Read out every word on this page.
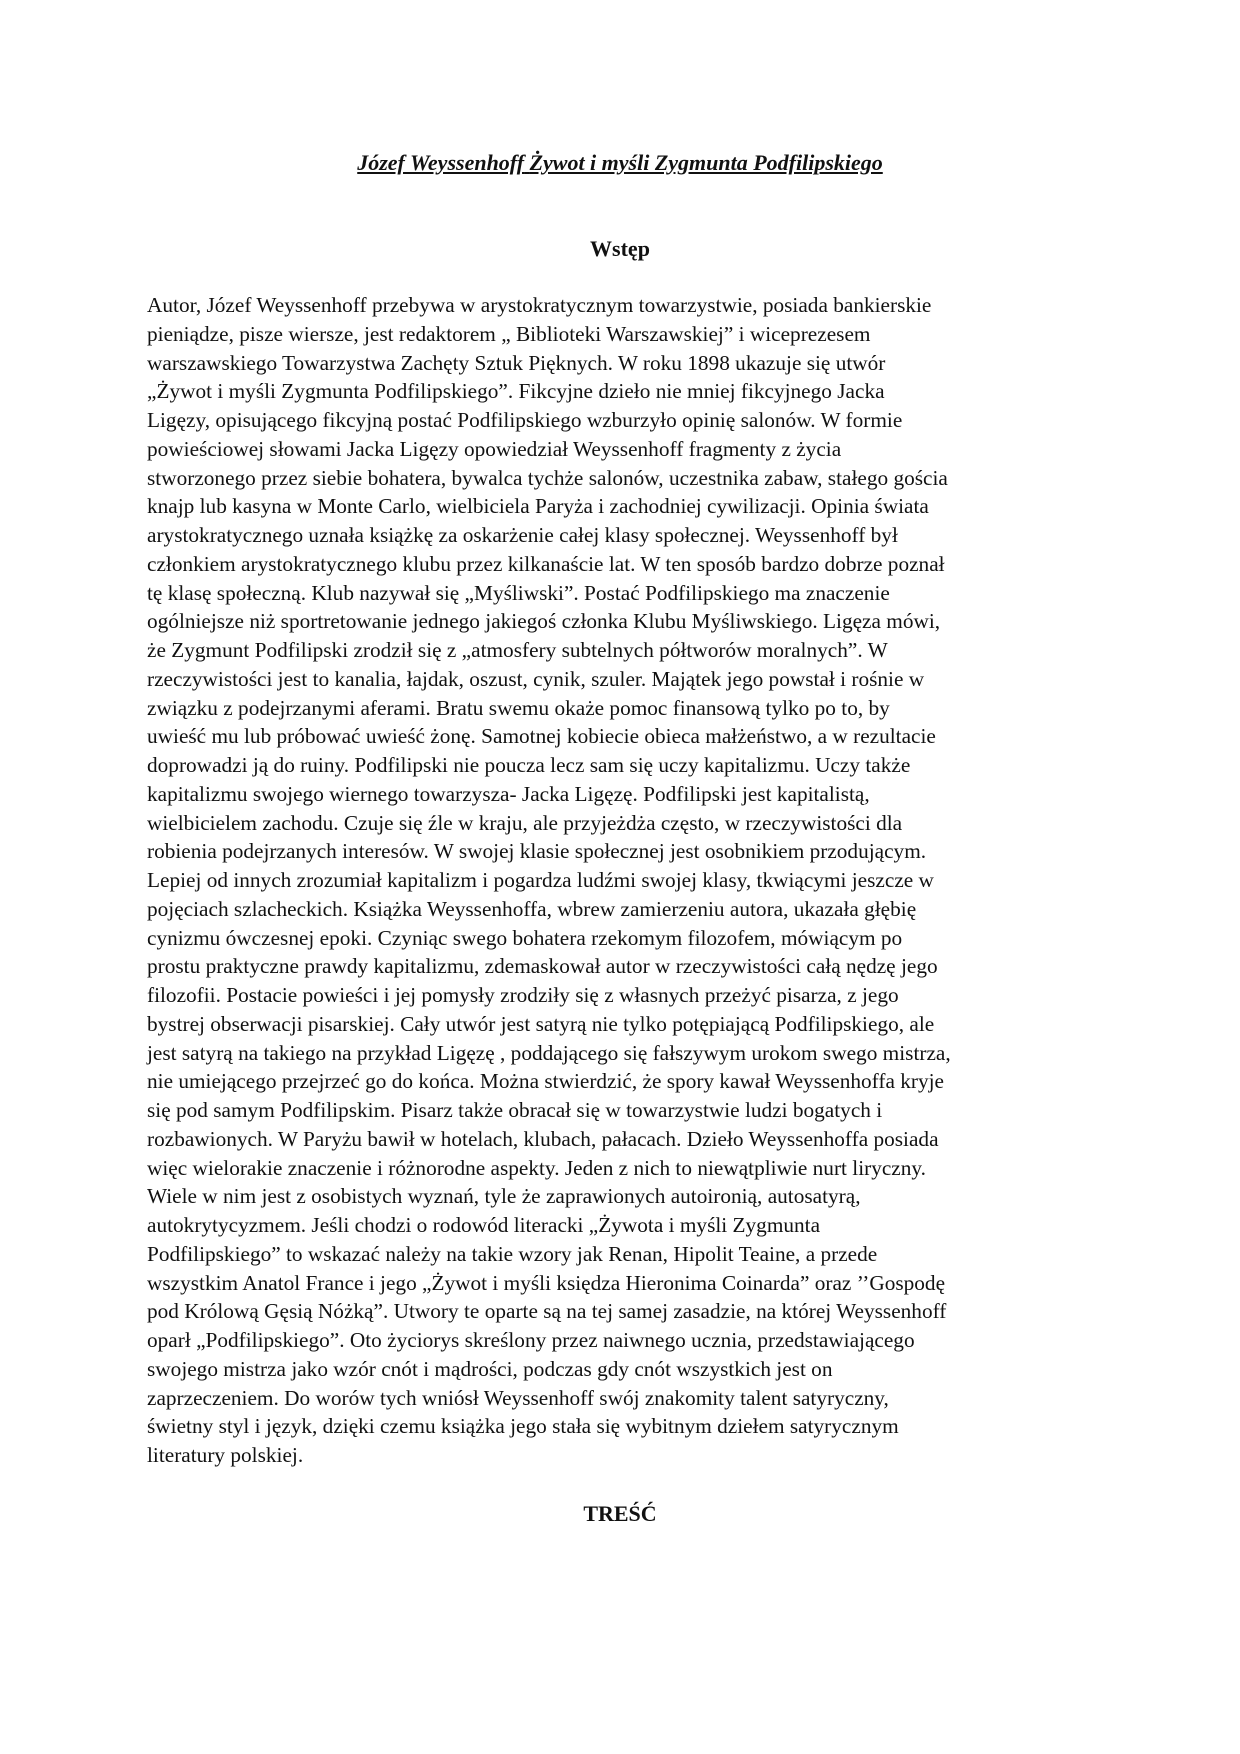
Józef Weyssenhoff Żywot i myśli Zygmunta Podfilipskiego
Wstęp

Autor, Józef Weyssenhoff przebywa w arystokratycznym towarzystwie, posiada bankierskie
pieniądze, pisze wiersze, jest redaktorem „ Biblioteki Warszawskiej” i wiceprezesem
warszawskiego Towarzystwa Zachęty Sztuk Pięknych. W roku 1898 ukazuje się utwór
„Żywot i myśli Zygmunta Podfilipskiego”. Fikcyjne dzieło nie mniej fikcyjnego Jacka
Ligęzy, opisującego fikcyjną postać Podfilipskiego wzburzyło opinię salonów. W formie
powieściowej słowami Jacka Ligęzy opowiedział Weyssenhoff fragmenty z życia
stworzonego przez siebie bohatera, bywalca tychże salonów, uczestnika zabaw, stałego gościa
knajp lub kasyna w Monte Carlo, wielbiciela Paryża i zachodniej cywilizacji. Opinia świata
arystokratycznego uznała książkę za oskarżenie całej klasy społecznej. Weyssenhoff był
członkiem arystokratycznego klubu przez kilkanaście lat. W ten sposób bardzo dobrze poznał
tę klasę społeczną. Klub nazywał się „Myśliwski”. Postać Podfilipskiego ma znaczenie
ogólniejsze niż sportretowanie jednego jakiegoś członka Klubu Myśliwskiego. Ligęza mówi,
że Zygmunt Podfilipski zrodził się z „atmosfery subtelnych półtworów moralnych”. W
rzeczywistości jest to kanalia, łajdak, oszust, cynik, szuler. Majątek jego powstał i rośnie w
związku z podejrzanymi aferami. Bratu swemu okaże pomoc finansową tylko po to, by
uwieść mu lub próbować uwieść żonę. Samotnej kobiecie obieca małżeństwo, a w rezultacie
doprowadzi ją do ruiny. Podfilipski nie poucza lecz sam się uczy kapitalizmu. Uczy także
kapitalizmu swojego wiernego towarzysza- Jacka Ligęzę. Podfilipski jest kapitalistą,
wielbicielem zachodu. Czuje się źle w kraju, ale przyjeżdża często, w rzeczywistości dla
robienia podejrzanych interesów. W swojej klasie społecznej jest osobnikiem przodującym.
Lepiej od innych zrozumiał kapitalizm i pogardza ludźmi swojej klasy, tkwiącymi jeszcze w
pojęciach szlacheckich. Książka Weyssenhoffa, wbrew zamierzeniu autora, ukazała głębię
cynizmu ówczesnej epoki. Czyniąc swego bohatera rzekomym filozofem, mówiącym po
prostu praktyczne prawdy kapitalizmu, zdemaskował autor w rzeczywistości całą nędzę jego
filozofii. Postacie powieści i jej pomysły zrodziły się z własnych przeżyć pisarza, z jego
bystrej obserwacji pisarskiej. Cały utwór jest satyrą nie tylko potępiającą Podfilipskiego, ale
jest satyrą na takiego na przykład Ligęzę , poddającego się fałszywym urokom swego mistrza,
nie umiejącego przejrzeć go do końca. Można stwierdzić, że spory kawał Weyssenhoffa kryje
się pod samym Podfilipskim. Pisarz także obracał się w towarzystwie ludzi bogatych i
rozbawionych. W Paryżu bawił w hotelach, klubach, pałacach. Dzieło Weyssenhoffa posiada
więc wielorakie znaczenie i różnorodne aspekty. Jeden z nich to niewątpliwie nurt liryczny.
Wiele w nim jest z osobistych wyznań, tyle że zaprawionych autoironią, autosatyrą,
autokrytycyzmem. Jeśli chodzi o rodowód literacki „Żywota i myśli Zygmunta
Podfilipskiego” to wskazać należy na takie wzory jak Renan, Hipolit Teaine, a przede
wszystkim Anatol France i jego „Żywot i myśli księdza Hieronima Coinarda” oraz ’’Gospodę
pod Królową Gęsią Nóżką”. Utwory te oparte są na tej samej zasadzie, na której Weyssenhoff
oparł „Podfilipskiego”. Oto życiorys skreślony przez naiwnego ucznia, przedstawiającego
swojego mistrza jako wzór cnót i mądrości, podczas gdy cnót wszystkich jest on
zaprzeczeniem. Do worów tych wniósł Weyssenhoff swój znakomity talent satyryczny,
świetny styl i język, dzięki czemu książka jego stała się wybitnym dziełem satyrycznym
literatury polskiej.

TREŚĆ
